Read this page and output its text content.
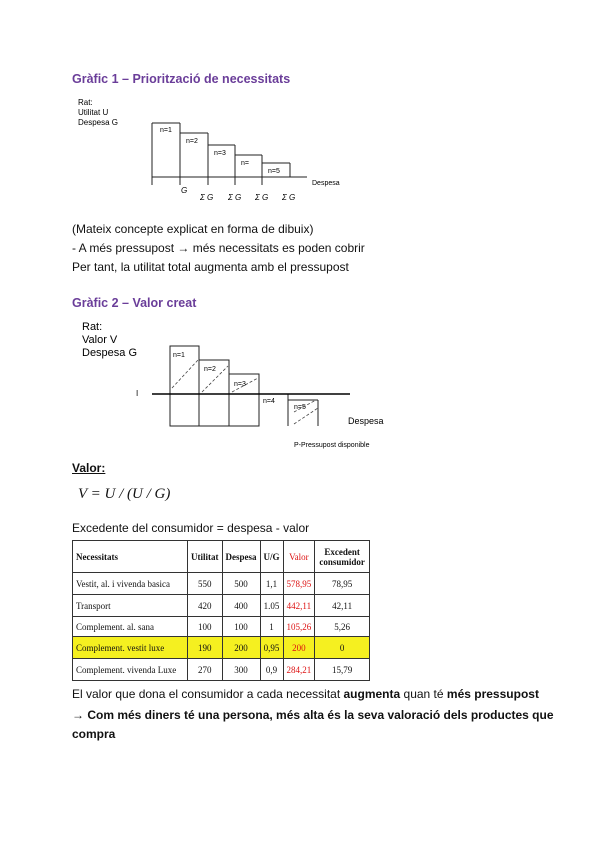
Gràfic 1 – Priorització de necessitats
Rat:
Utilitat U
Despesa G
n=1
n=2
n=3
n=
n=5
Despesa
G
Σ G Σ G Σ G Σ G
(Mateix concepte explicat en forma de dibuix)
- A més pressupost → més necessitats es poden cobrir
Per tant, la utilitat total augmenta amb el pressupost
Gràfic 2 – Valor creat
Rat:
Valor V
Despesa G
I
n=1
n=2
n=3
n=4
n=5
Despesa
P-Pressupost disponible
Valor:
V = U / (U / G)
Excedente del consumidor = despesa - valor
Necessitats	Utilitat	Despesa	U/G	Valor	Excedent consumidor
Vestit, al. i vivenda basica	550	500	1,1	578,95	78,95
Transport	420	400	1.05	442,11	42,11
Complement. al. sana	100	100	1	105,26	5,26
Complement. vestit luxe	190	200	0,95	200	0
Complement. vivenda Luxe	270	300	0,9	284,21	15,79
El valor que dona el consumidor a cada necessitat augmenta quan té més pressupost
→ Com més diners té una persona, més alta és la seva valoració dels productes que
compra
